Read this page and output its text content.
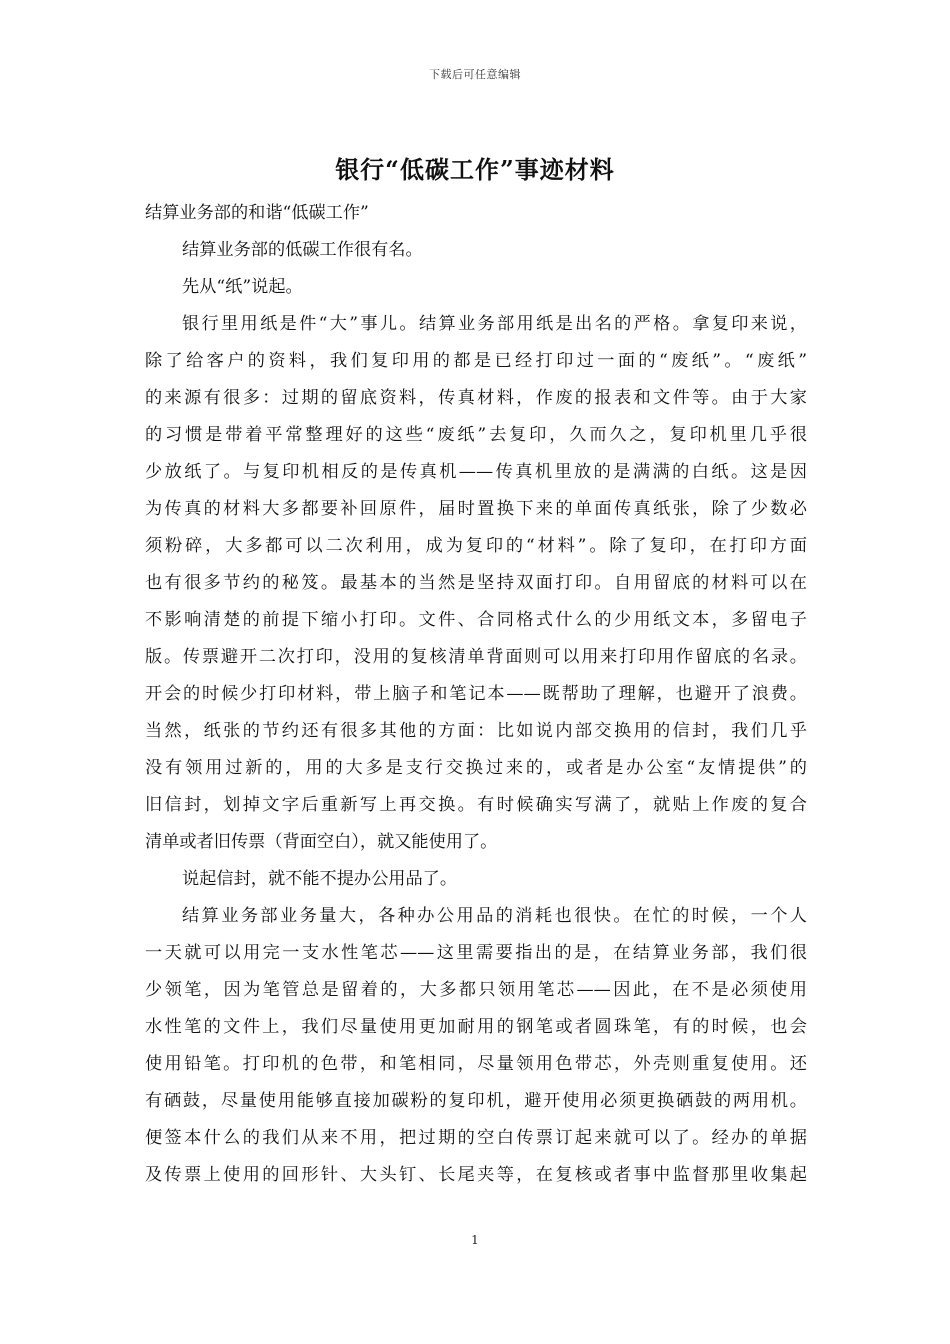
下载后可任意编辑
银行“低碳工作”事迹材料
结算业务部的和谐“低碳工作”
结算业务部的低碳工作很有名。
先从“纸”说起。
银行里用纸是件“大”事儿。结算业务部用纸是出名的严格。拿复印来说，
除了给客户的资料，我们复印用的都是已经打印过一面的“废纸”。“废纸”
的来源有很多：过期的留底资料，传真材料，作废的报表和文件等。由于大家
的习惯是带着平常整理好的这些“废纸”去复印，久而久之，复印机里几乎很
少放纸了。与复印机相反的是传真机——传真机里放的是满满的白纸。这是因
为传真的材料大多都要补回原件，届时置换下来的单面传真纸张，除了少数必
须粉碎，大多都可以二次利用，成为复印的“材料”。除了复印，在打印方面
也有很多节约的秘笈。最基本的当然是坚持双面打印。自用留底的材料可以在
不影响清楚的前提下缩小打印。文件、合同格式什么的少用纸文本，多留电子
版。传票避开二次打印，没用的复核清单背面则可以用来打印用作留底的名录。
开会的时候少打印材料，带上脑子和笔记本——既帮助了理解，也避开了浪费。
当然，纸张的节约还有很多其他的方面：比如说内部交换用的信封，我们几乎
没有领用过新的，用的大多是支行交换过来的，或者是办公室“友情提供”的
旧信封，划掉文字后重新写上再交换。有时候确实写满了，就贴上作废的复合
清单或者旧传票（背面空白），就又能使用了。
说起信封，就不能不提办公用品了。
结算业务部业务量大，各种办公用品的消耗也很快。在忙的时候，一个人
一天就可以用完一支水性笔芯——这里需要指出的是，在结算业务部，我们很
少领笔，因为笔管总是留着的，大多都只领用笔芯——因此，在不是必须使用
水性笔的文件上，我们尽量使用更加耐用的钢笔或者圆珠笔，有的时候，也会
使用铅笔。打印机的色带，和笔相同，尽量领用色带芯，外壳则重复使用。还
有硒鼓，尽量使用能够直接加碳粉的复印机，避开使用必须更换硒鼓的两用机。
便签本什么的我们从来不用，把过期的空白传票订起来就可以了。经办的单据
及传票上使用的回形针、大头钉、长尾夹等，在复核或者事中监督那里收集起
1
